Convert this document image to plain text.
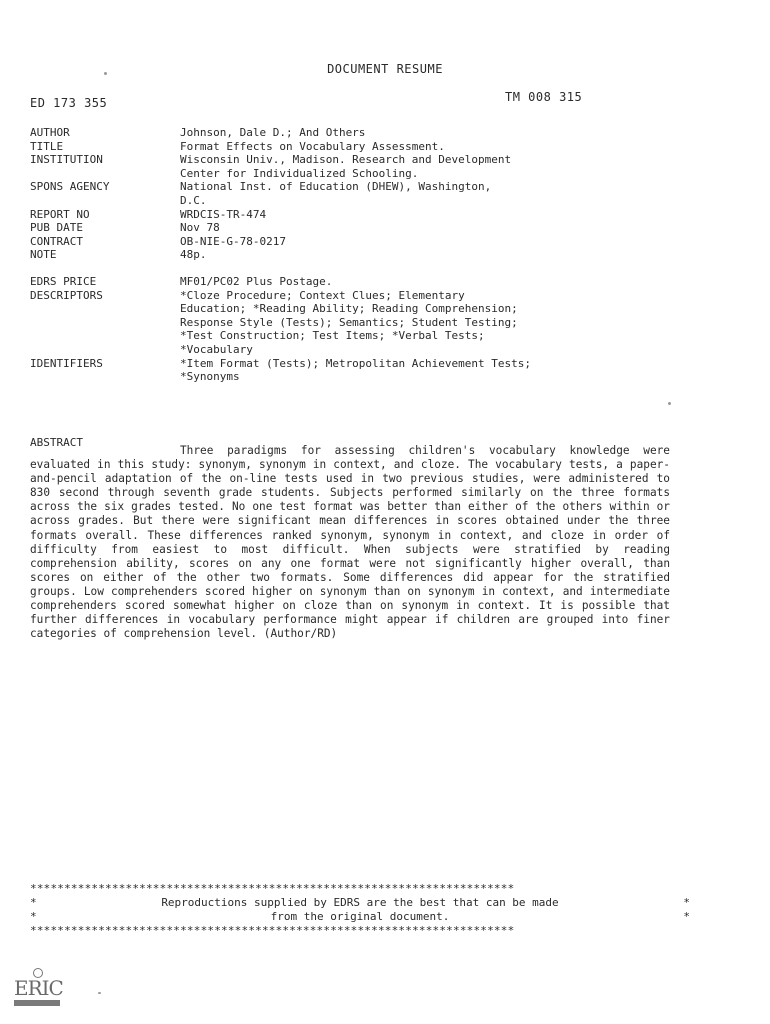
DOCUMENT RESUME
ED 173 355	TM 008 315
AUTHOR	Johnson, Dale D.; And Others
TITLE	Format Effects on Vocabulary Assessment.
INSTITUTION	Wisconsin Univ., Madison. Research and Development
Center for Individualized Schooling.
SPONS AGENCY	National Inst. of Education (DHEW), Washington,
D.C.
REPORT NO	WRDCIS-TR-474
PUB DATE	Nov 78
CONTRACT	OB-NIE-G-78-0217
NOTE	48p.
EDRS PRICE	MF01/PC02 Plus Postage.
DESCRIPTORS	*Cloze Procedure; Context Clues; Elementary
Education; *Reading Ability; Reading Comprehension;
Response Style (Tests); Semantics; Student Testing;
*Test Construction; Test Items; *Verbal Tests;
*Vocabulary
IDENTIFIERS	*Item Format (Tests); Metropolitan Achievement Tests;
*Synonyms
ABSTRACT
Three paradigms for assessing children's vocabulary knowledge were evaluated in this study: synonym, synonym in context, and cloze. The vocabulary tests, a paper-and-pencil adaptation of the on-line tests used in two previous studies, were administered to 830 second through seventh grade students. Subjects performed similarly on the three formats across the six grades tested. No one test format was better than either of the others within or across grades. But there were significant mean differences in scores obtained under the three formats overall. These differences ranked synonym, synonym in context, and cloze in order of difficulty from easiest to most difficult. When subjects were stratified by reading comprehension ability, scores on any one format were not significantly higher overall, than scores on either of the other two formats. Some differences did appear for the stratified groups. Low comprehenders scored higher on synonym than on synonym in context, and intermediate comprehenders scored somewhat higher on cloze than on synonym in context. It is possible that further differences in vocabulary performance might appear if children are grouped into finer categories of comprehension level. (Author/RD)
***********************************************************************
*	Reproductions supplied by EDRS are the best that can be made	*
*	from the original document.	*
***********************************************************************
ERIC
